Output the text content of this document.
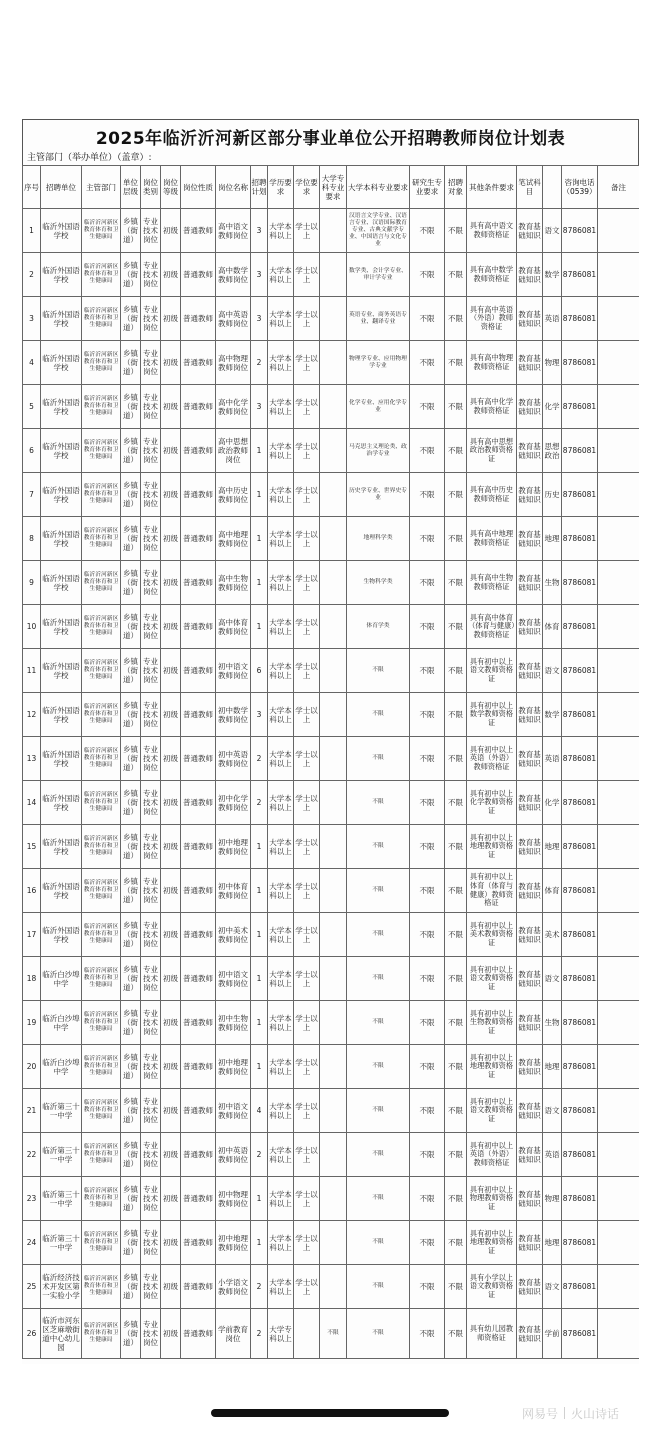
2025年临沂沂河新区部分事业单位公开招聘教师岗位计划表
主管部门（举办单位）（盖章）:
序号	招聘单位	主管部门	单位层级	岗位类别	岗位等级	岗位性质	岗位名称	招聘计划	学历要求	学位要求	大学专科专业要求	大学本科专业要求	研究生专业要求	招聘对象	其他条件要求	笔试科目		咨询电话（0539）	备注
1	临沂外国语学校	临沂沂河新区教育体育和卫生健康局	乡镇（街道）	专业技术岗位	初级	普通教师	高中语文教师岗位	3	大学本科以上	学士以上		汉语言文学专业、汉语言专业、汉语国际教育专业、古典文献学专业、中国语言与文化专业	不限	不限	具有高中语文教师资格证	教育基础知识	语文	8786081	
2	临沂外国语学校	临沂沂河新区教育体育和卫生健康局	乡镇（街道）	专业技术岗位	初级	普通教师	高中数学教师岗位	3	大学本科以上	学士以上		数学类、会计学专业、审计学专业	不限	不限	具有高中数学教师资格证	教育基础知识	数学	8786081	
3	临沂外国语学校	临沂沂河新区教育体育和卫生健康局	乡镇（街道）	专业技术岗位	初级	普通教师	高中英语教师岗位	3	大学本科以上	学士以上		英语专业、商务英语专业、翻译专业	不限	不限	具有高中英语（外语）教师资格证	教育基础知识	英语	8786081	
4	临沂外国语学校	临沂沂河新区教育体育和卫生健康局	乡镇（街道）	专业技术岗位	初级	普通教师	高中物理教师岗位	2	大学本科以上	学士以上		物理学专业、应用物理学专业	不限	不限	具有高中物理教师资格证	教育基础知识	物理	8786081	
5	临沂外国语学校	临沂沂河新区教育体育和卫生健康局	乡镇（街道）	专业技术岗位	初级	普通教师	高中化学教师岗位	3	大学本科以上	学士以上		化学专业、应用化学专业	不限	不限	具有高中化学教师资格证	教育基础知识	化学	8786081	
6	临沂外国语学校	临沂沂河新区教育体育和卫生健康局	乡镇（街道）	专业技术岗位	初级	普通教师	高中思想政治教师岗位	1	大学本科以上	学士以上		马克思主义理论类、政治学专业	不限	不限	具有高中思想政治教师资格证	教育基础知识	思想政治	8786081	
7	临沂外国语学校	临沂沂河新区教育体育和卫生健康局	乡镇（街道）	专业技术岗位	初级	普通教师	高中历史教师岗位	1	大学本科以上	学士以上		历史学专业、世界史专业	不限	不限	具有高中历史教师资格证	教育基础知识	历史	8786081	
8	临沂外国语学校	临沂沂河新区教育体育和卫生健康局	乡镇（街道）	专业技术岗位	初级	普通教师	高中地理教师岗位	1	大学本科以上	学士以上		地理科学类	不限	不限	具有高中地理教师资格证	教育基础知识	地理	8786081	
9	临沂外国语学校	临沂沂河新区教育体育和卫生健康局	乡镇（街道）	专业技术岗位	初级	普通教师	高中生物教师岗位	1	大学本科以上	学士以上		生物科学类	不限	不限	具有高中生物教师资格证	教育基础知识	生物	8786081	
10	临沂外国语学校	临沂沂河新区教育体育和卫生健康局	乡镇（街道）	专业技术岗位	初级	普通教师	高中体育教师岗位	1	大学本科以上	学士以上		体育学类	不限	不限	具有高中体育（体育与健康）教师资格证	教育基础知识	体育	8786081	
11	临沂外国语学校	临沂沂河新区教育体育和卫生健康局	乡镇（街道）	专业技术岗位	初级	普通教师	初中语文教师岗位	6	大学本科以上	学士以上		不限	不限	不限	具有初中以上语文教师资格证	教育基础知识	语文	8786081	
12	临沂外国语学校	临沂沂河新区教育体育和卫生健康局	乡镇（街道）	专业技术岗位	初级	普通教师	初中数学教师岗位	3	大学本科以上	学士以上		不限	不限	不限	具有初中以上数学教师资格证	教育基础知识	数学	8786081	
13	临沂外国语学校	临沂沂河新区教育体育和卫生健康局	乡镇（街道）	专业技术岗位	初级	普通教师	初中英语教师岗位	2	大学本科以上	学士以上		不限	不限	不限	具有初中以上英语（外语）教师资格证	教育基础知识	英语	8786081	
14	临沂外国语学校	临沂沂河新区教育体育和卫生健康局	乡镇（街道）	专业技术岗位	初级	普通教师	初中化学教师岗位	2	大学本科以上	学士以上		不限	不限	不限	具有初中以上化学教师资格证	教育基础知识	化学	8786081	
15	临沂外国语学校	临沂沂河新区教育体育和卫生健康局	乡镇（街道）	专业技术岗位	初级	普通教师	初中地理教师岗位	1	大学本科以上	学士以上		不限	不限	不限	具有初中以上地理教师资格证	教育基础知识	地理	8786081	
16	临沂外国语学校	临沂沂河新区教育体育和卫生健康局	乡镇（街道）	专业技术岗位	初级	普通教师	初中体育教师岗位	1	大学本科以上	学士以上		不限	不限	不限	具有初中以上体育（体育与健康）教师资格证	教育基础知识	体育	8786081	
17	临沂外国语学校	临沂沂河新区教育体育和卫生健康局	乡镇（街道）	专业技术岗位	初级	普通教师	初中美术教师岗位	1	大学本科以上	学士以上		不限	不限	不限	具有初中以上美术教师资格证	教育基础知识	美术	8786081	
18	临沂白沙埠中学	临沂沂河新区教育体育和卫生健康局	乡镇（街道）	专业技术岗位	初级	普通教师	初中语文教师岗位	1	大学本科以上	学士以上		不限	不限	不限	具有初中以上语文教师资格证	教育基础知识	语文	8786081	
19	临沂白沙埠中学	临沂沂河新区教育体育和卫生健康局	乡镇（街道）	专业技术岗位	初级	普通教师	初中生物教师岗位	1	大学本科以上	学士以上		不限	不限	不限	具有初中以上生物教师资格证	教育基础知识	生物	8786081	
20	临沂白沙埠中学	临沂沂河新区教育体育和卫生健康局	乡镇（街道）	专业技术岗位	初级	普通教师	初中地理教师岗位	1	大学本科以上	学士以上		不限	不限	不限	具有初中以上地理教师资格证	教育基础知识	地理	8786081	
21	临沂第三十一中学	临沂沂河新区教育体育和卫生健康局	乡镇（街道）	专业技术岗位	初级	普通教师	初中语文教师岗位	4	大学本科以上	学士以上		不限	不限	不限	具有初中以上语文教师资格证	教育基础知识	语文	8786081	
22	临沂第三十一中学	临沂沂河新区教育体育和卫生健康局	乡镇（街道）	专业技术岗位	初级	普通教师	初中英语教师岗位	2	大学本科以上	学士以上		不限	不限	不限	具有初中以上英语（外语）教师资格证	教育基础知识	英语	8786081	
23	临沂第三十一中学	临沂沂河新区教育体育和卫生健康局	乡镇（街道）	专业技术岗位	初级	普通教师	初中物理教师岗位	1	大学本科以上	学士以上		不限	不限	不限	具有初中以上物理教师资格证	教育基础知识	物理	8786081	
24	临沂第三十一中学	临沂沂河新区教育体育和卫生健康局	乡镇（街道）	专业技术岗位	初级	普通教师	初中地理教师岗位	1	大学本科以上	学士以上		不限	不限	不限	具有初中以上地理教师资格证	教育基础知识	地理	8786081	
25	临沂经济技术开发区第一实验小学	临沂沂河新区教育体育和卫生健康局	乡镇（街道）	专业技术岗位	初级	普通教师	小学语文教师岗位	2	大学本科以上	学士以上		不限	不限	不限	具有小学以上语文教师资格证	教育基础知识	语文	8786081	
26	临沂市河东区芝麻墩街道中心幼儿园	临沂沂河新区教育体育和卫生健康局	乡镇（街道）	专业技术岗位	初级	普通教师	学前教育岗位	2	大学专科以上		不限	不限	不限	不限	具有幼儿园教师资格证	教育基础知识	学前	8786081	
网易号 火山诗话
